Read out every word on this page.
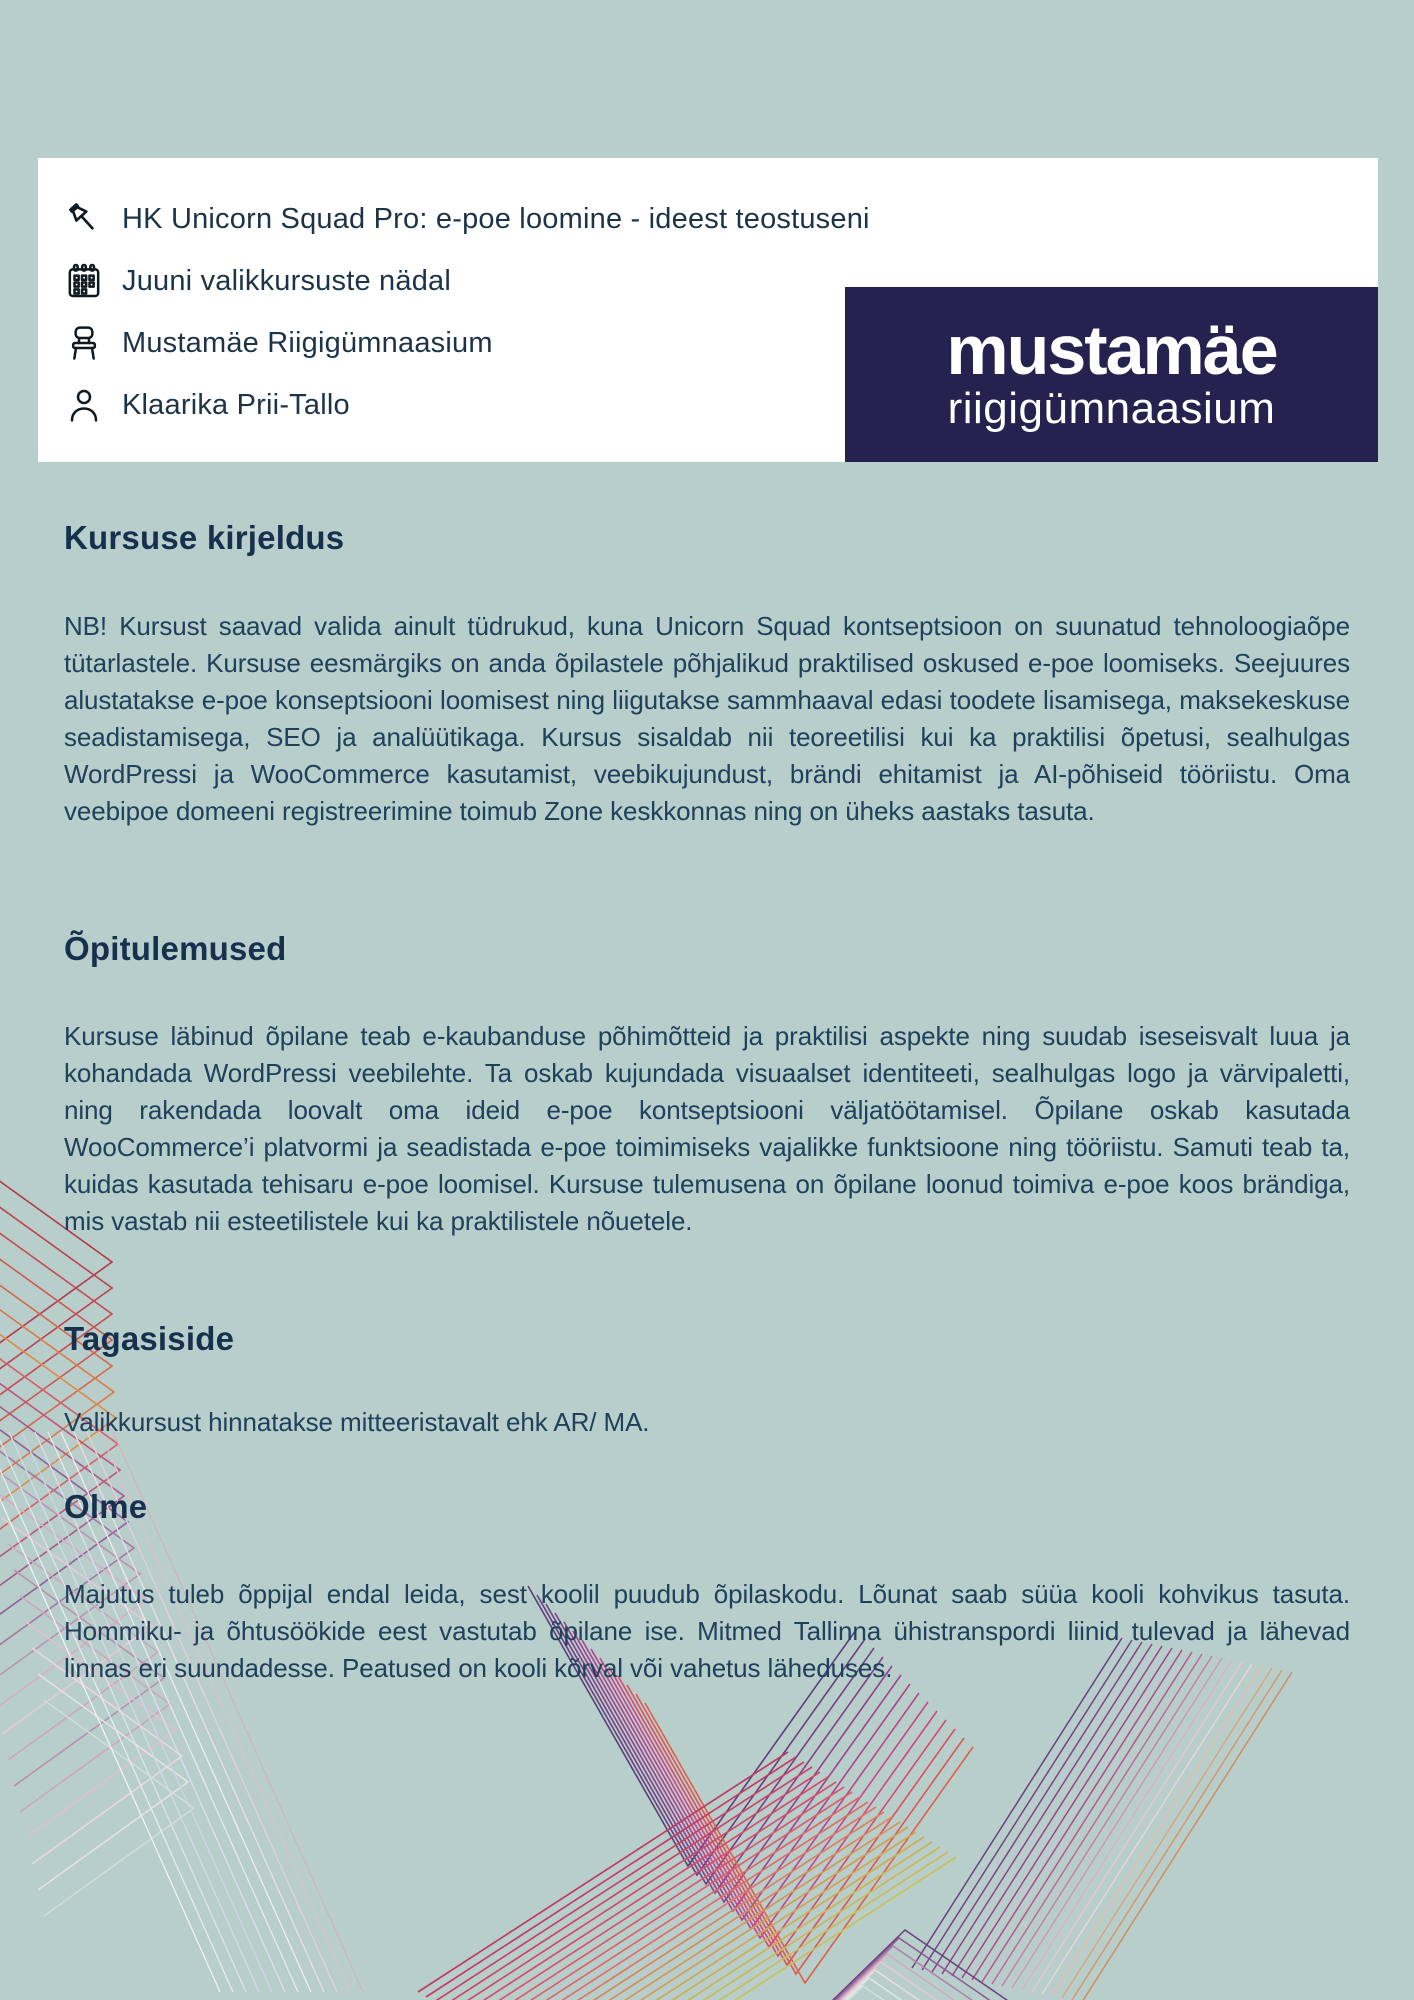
HK Unicorn Squad Pro: e-poe loomine - ideest teostuseni
Juuni valikkursuste nädal
Mustamäe Riigigümnaasium
Klaarika Prii-Tallo
mustamäe
riigigümnaasium
Kursuse kirjeldus

NB! Kursust saavad valida ainult tüdrukud, kuna Unicorn Squad kontseptsioon on suunatud tehnoloogiaõpe tütarlastele. Kursuse eesmärgiks on anda õpilastele põhjalikud praktilised oskused e-poe loomiseks. Seejuures alustatakse e-poe konseptsiooni loomisest ning liigutakse sammhaaval edasi toodete lisamisega, maksekeskuse seadistamisega, SEO ja analüütikaga. Kursus sisaldab nii teoreetilisi kui ka praktilisi õpetusi, sealhulgas WordPressi ja WooCommerce kasutamist, veebikujundust, brändi ehitamist ja AI-põhiseid tööriistu. Oma veebipoe domeeni registreerimine toimub Zone keskkonnas ning on üheks aastaks tasuta.

Õpitulemused

Kursuse läbinud õpilane teab e-kaubanduse põhimõtteid ja praktilisi aspekte ning suudab iseseisvalt luua ja kohandada WordPressi veebilehte. Ta oskab kujundada visuaalset identiteeti, sealhulgas logo ja värvipaletti, ning rakendada loovalt oma ideid e-poe kontseptsiooni väljatöötamisel. Õpilane oskab kasutada WooCommerce’i platvormi ja seadistada e-poe toimimiseks vajalikke funktsioone ning tööriistu. Samuti teab ta, kuidas kasutada tehisaru e-poe loomisel. Kursuse tulemusena on õpilane loonud toimiva e-poe koos brändiga, mis vastab nii esteetilistele kui ka praktilistele nõuetele.

Tagasiside

Valikkursust hinnatakse mitteeristavalt ehk AR/ MA.

Olme

Majutus tuleb õppijal endal leida, sest koolil puudub õpilaskodu. Lõunat saab süüa kooli kohvikus tasuta. Hommiku- ja õhtusöökide eest vastutab õpilane ise. Mitmed Tallinna ühistranspordi liinid tulevad ja lähevad linnas eri suundadesse. Peatused on kooli kõrval või vahetus läheduses.
